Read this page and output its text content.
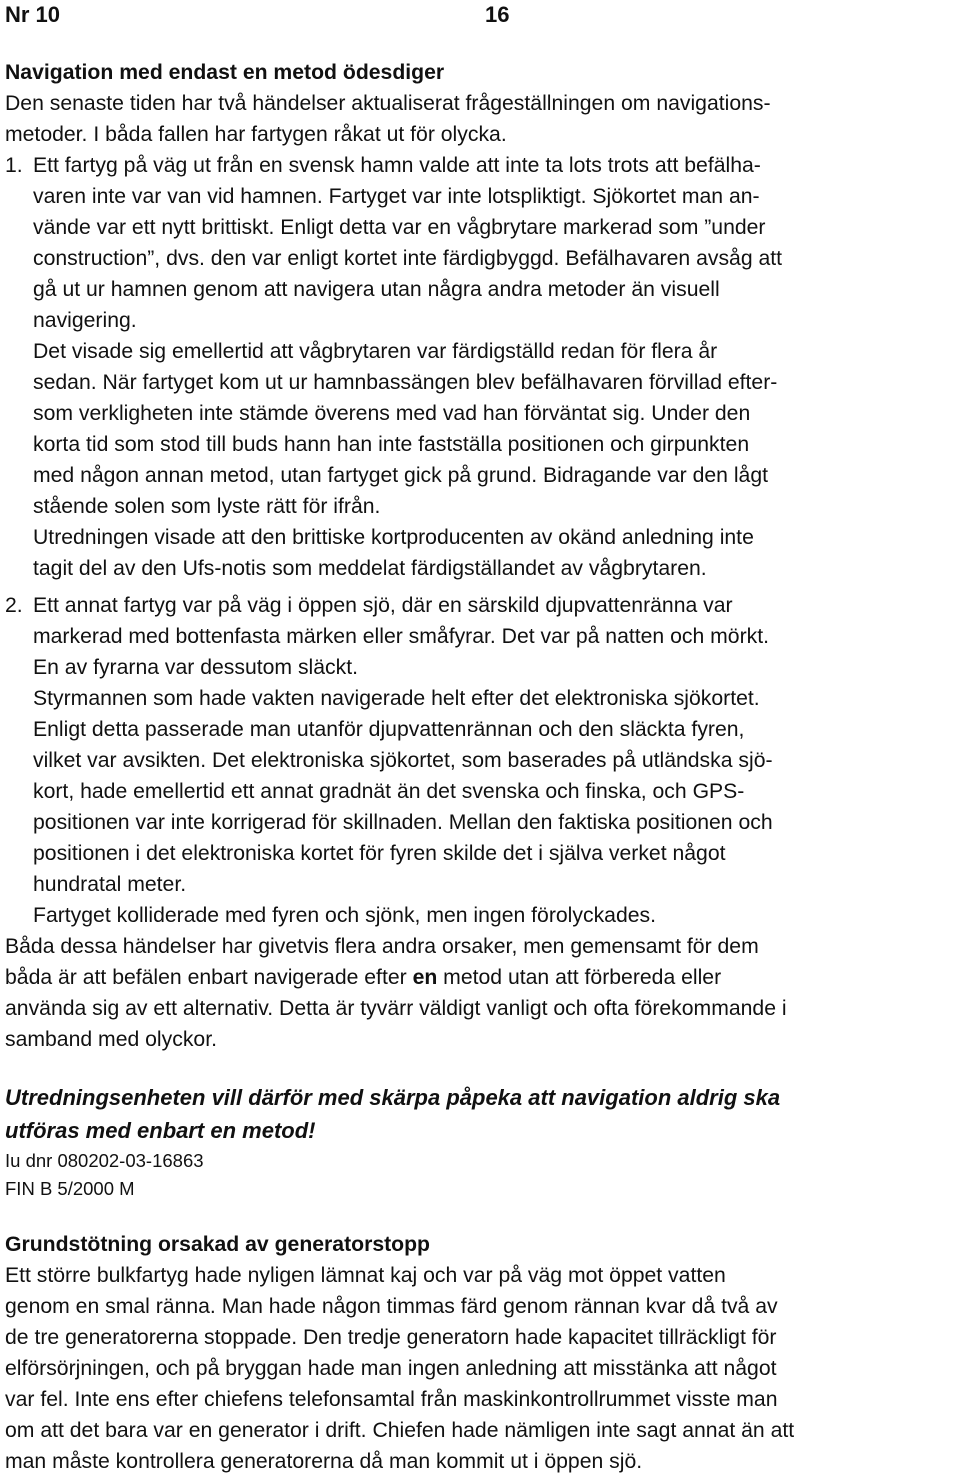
Nr 10	16
Navigation med endast en metod ödesdiger
Den senaste tiden har två händelser aktualiserat frågeställningen om navigations-
metoder. I båda fallen har fartygen råkat ut för olycka.
1. Ett fartyg på väg ut från en svensk hamn valde att inte ta lots trots att befälha-
varen inte var van vid hamnen. Fartyget var inte lotspliktigt. Sjökortet man an-
vände var ett nytt brittiskt. Enligt detta var en vågbrytare markerad som ”under
construction”, dvs. den var enligt kortet inte färdigbyggd. Befälhavaren avsåg att
gå ut ur hamnen genom att navigera utan några andra metoder än visuell
navigering.
Det visade sig emellertid att vågbrytaren var färdigställd redan för flera år
sedan. När fartyget kom ut ur hamnbassängen blev befälhavaren förvillad efter-
som verkligheten inte stämde överens med vad han förväntat sig. Under den
korta tid som stod till buds hann han inte fastställa positionen och girpunkten
med någon annan metod, utan fartyget gick på grund. Bidragande var den lågt
stående solen som lyste rätt för ifrån.
Utredningen visade att den brittiske kortproducenten av okänd anledning inte
tagit del av den Ufs-notis som meddelat färdigställandet av vågbrytaren.
2. Ett annat fartyg var på väg i öppen sjö, där en särskild djupvattenränna var
markerad med bottenfasta märken eller småfyrar. Det var på natten och mörkt.
En av fyrarna var dessutom släckt.
Styrmannen som hade vakten navigerade helt efter det elektroniska sjökortet.
Enligt detta passerade man utanför djupvattenrännan och den släckta fyren,
vilket var avsikten. Det elektroniska sjökortet, som baserades på utländska sjö-
kort, hade emellertid ett annat gradnät än det svenska och finska, och GPS-
positionen var inte korrigerad för skillnaden. Mellan den faktiska positionen och
positionen i det elektroniska kortet för fyren skilde det i själva verket något
hundratal meter.
Fartyget kolliderade med fyren och sjönk, men ingen förolyckades.
Båda dessa händelser har givetvis flera andra orsaker, men gemensamt för dem
båda är att befälen enbart navigerade efter en metod utan att förbereda eller
använda sig av ett alternativ. Detta är tyvärr väldigt vanligt och ofta förekommande i
samband med olyckor.
Utredningsenheten vill därför med skärpa påpeka att navigation aldrig ska
utföras med enbart en metod!
Iu dnr 080202-03-16863
FIN B 5/2000 M
Grundstötning orsakad av generatorstopp
Ett större bulkfartyg hade nyligen lämnat kaj och var på väg mot öppet vatten
genom en smal ränna. Man hade någon timmas färd genom rännan kvar då två av
de tre generatorerna stoppade. Den tredje generatorn hade kapacitet tillräckligt för
elförsörjningen, och på bryggan hade man ingen anledning att misstänka att något
var fel. Inte ens efter chiefens telefonsamtal från maskinkontrollrummet visste man
om att det bara var en generator i drift. Chiefen hade nämligen inte sagt annat än att
man måste kontrollera generatorerna då man kommit ut i öppen sjö.
